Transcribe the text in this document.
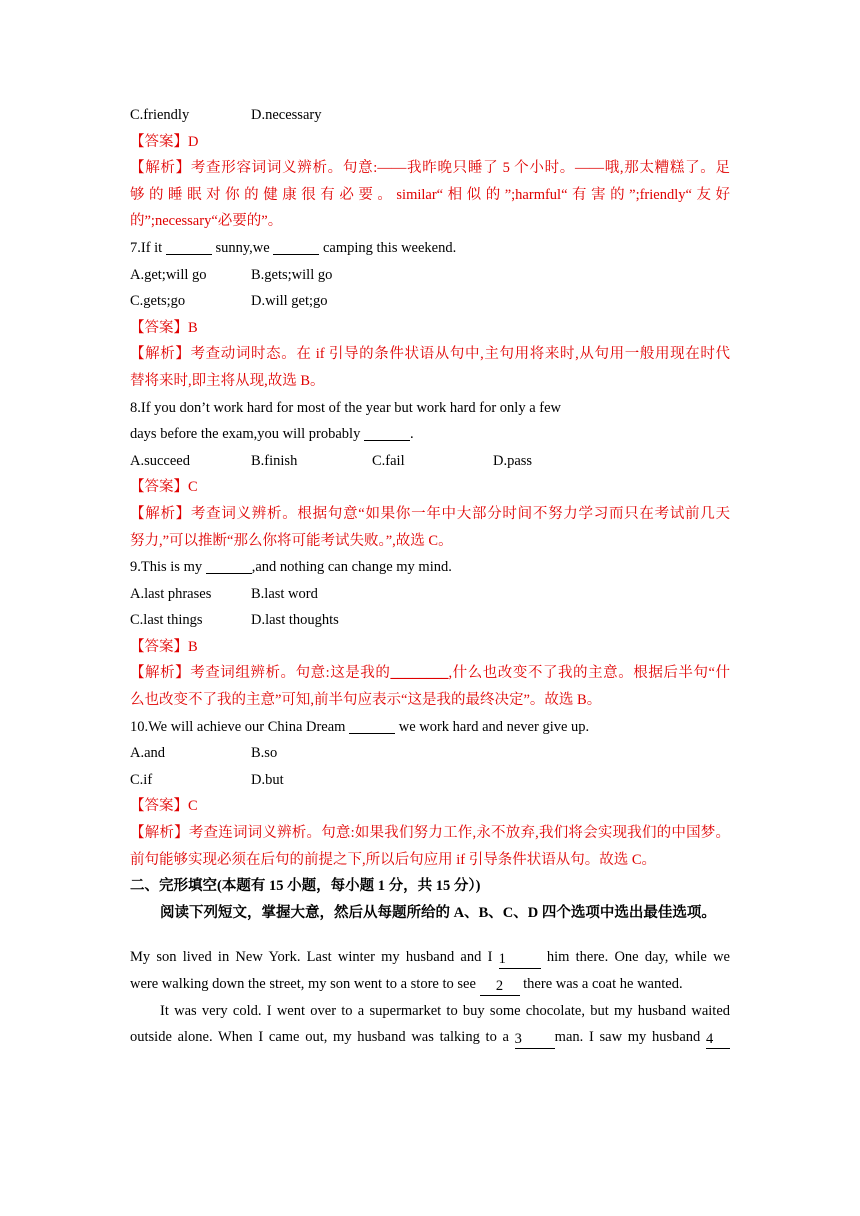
C.friendly	D.necessary
【答案】D
【解析】考查形容词词义辨析。句意:——我昨晚只睡了 5 个小时。——哦,那太糟糕了。足
够的睡眠对你的健康很有必要。similar“相似的”;harmful“有害的”;friendly“友好
的”;necessary“必要的”。
7.If it	sunny,we	camping this weekend.
A.get;will go	B.gets;will go
C.gets;go	D.will get;go
【答案】B
【解析】考查动词时态。在 if 引导的条件状语从句中,主句用将来时,从句用一般用现在时代
替将来时,即主将从现,故选 B。
8.If you don’t work hard for most of the year but work hard for only a few
days before the exam,you will probably	.
A.succeed	B.finish	C.fail	D.pass
【答案】C
【解析】考查词义辨析。根据句意“如果你一年中大部分时间不努力学习而只在考试前几天
努力,”可以推断“那么你将可能考试失败。”,故选 C。
9.This is my	,and nothing can change my mind.
A.last phrases	B.last word
C.last things	D.last thoughts
【答案】B
【解析】考查词组辨析。句意:这是我的________,什么也改变不了我的主意。根据后半句“什
么也改变不了我的主意”可知,前半句应表示“这是我的最终决定”。故选 B。
10.We will achieve our China Dream	we work hard and never give up.
A.and	B.so
C.if	D.but
【答案】C
【解析】考查连词词义辨析。句意:如果我们努力工作,永不放弃,我们将会实现我们的中国梦。
前句能够实现必须在后句的前提之下,所以后句应用 if 引导条件状语从句。故选 C。
二、完形填空(本题有 15 小题，每小题 1 分，共 15 分）)
阅读下列短文，掌握大意，然后从每题所给的 A、B、C、D 四个选项中选出最佳选项。
My son lived in New York. Last winter my husband and I 1	him there. One day, while we
were walking down the street, my son went to a store to see 2 there was a coat he wanted.
It was very cold. I went over to a supermarket to buy some chocolate, but my husband waited
outside alone. When I came out, my husband was talking to a 3 man. I saw my husband 4
